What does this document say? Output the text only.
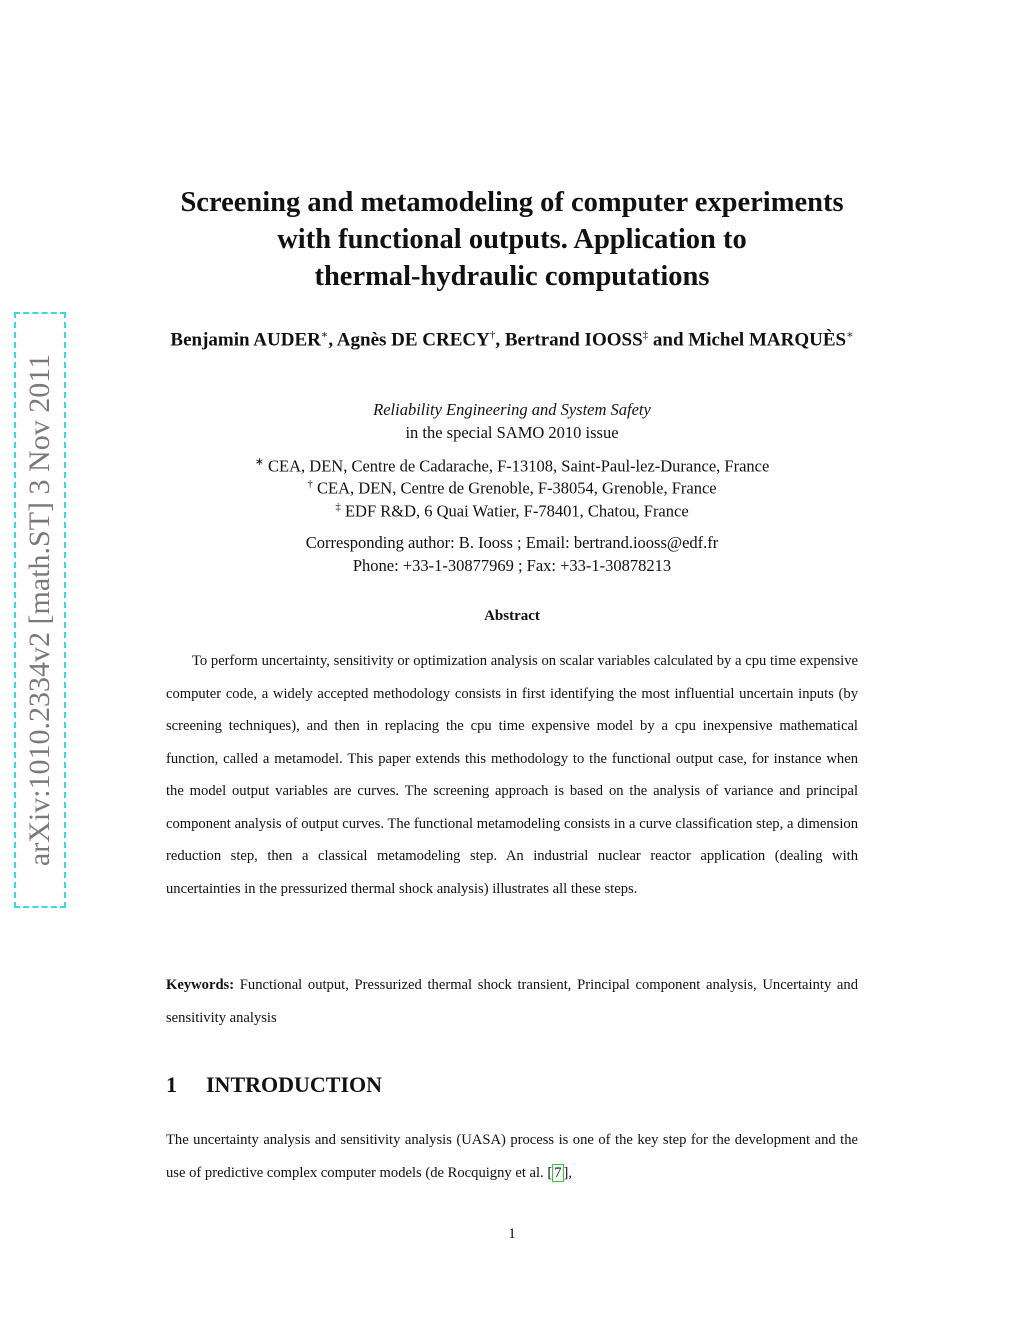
arXiv:1010.2334v2 [math.ST] 3 Nov 2011
Screening and metamodeling of computer experiments
with functional outputs. Application to
thermal-hydraulic computations
Benjamin AUDER∗, Agnès DE CRECY†, Bertrand IOOSS‡ and Michel MARQUÈS∗
Reliability Engineering and System Safety
in the special SAMO 2010 issue
∗ CEA, DEN, Centre de Cadarache, F-13108, Saint-Paul-lez-Durance, France
† CEA, DEN, Centre de Grenoble, F-38054, Grenoble, France
‡ EDF R&D, 6 Quai Watier, F-78401, Chatou, France
Corresponding author: B. Iooss ; Email: bertrand.iooss@edf.fr
Phone: +33-1-30877969 ; Fax: +33-1-30878213
Abstract

To perform uncertainty, sensitivity or optimization analysis on scalar variables calculated by a cpu time expensive computer code, a widely accepted methodology consists in first identifying the most influential uncertain inputs (by screening techniques), and then in replacing the cpu time expensive model by a cpu inexpensive mathematical function, called a metamodel. This paper extends this methodology to the functional output case, for instance when the model output variables are curves. The screening approach is based on the analysis of variance and principal component analysis of output curves. The functional metamodeling consists in a curve classification step, a dimension reduction step, then a classical metamodeling step. An industrial nuclear reactor application (dealing with uncertainties in the pressurized thermal shock analysis) illustrates all these steps.

Keywords: Functional output, Pressurized thermal shock transient, Principal component analysis, Uncertainty and sensitivity analysis
1 INTRODUCTION

The uncertainty analysis and sensitivity analysis (UASA) process is one of the key step for the development and the use of predictive complex computer models (de Rocquigny et al. [ 7 ],

1
